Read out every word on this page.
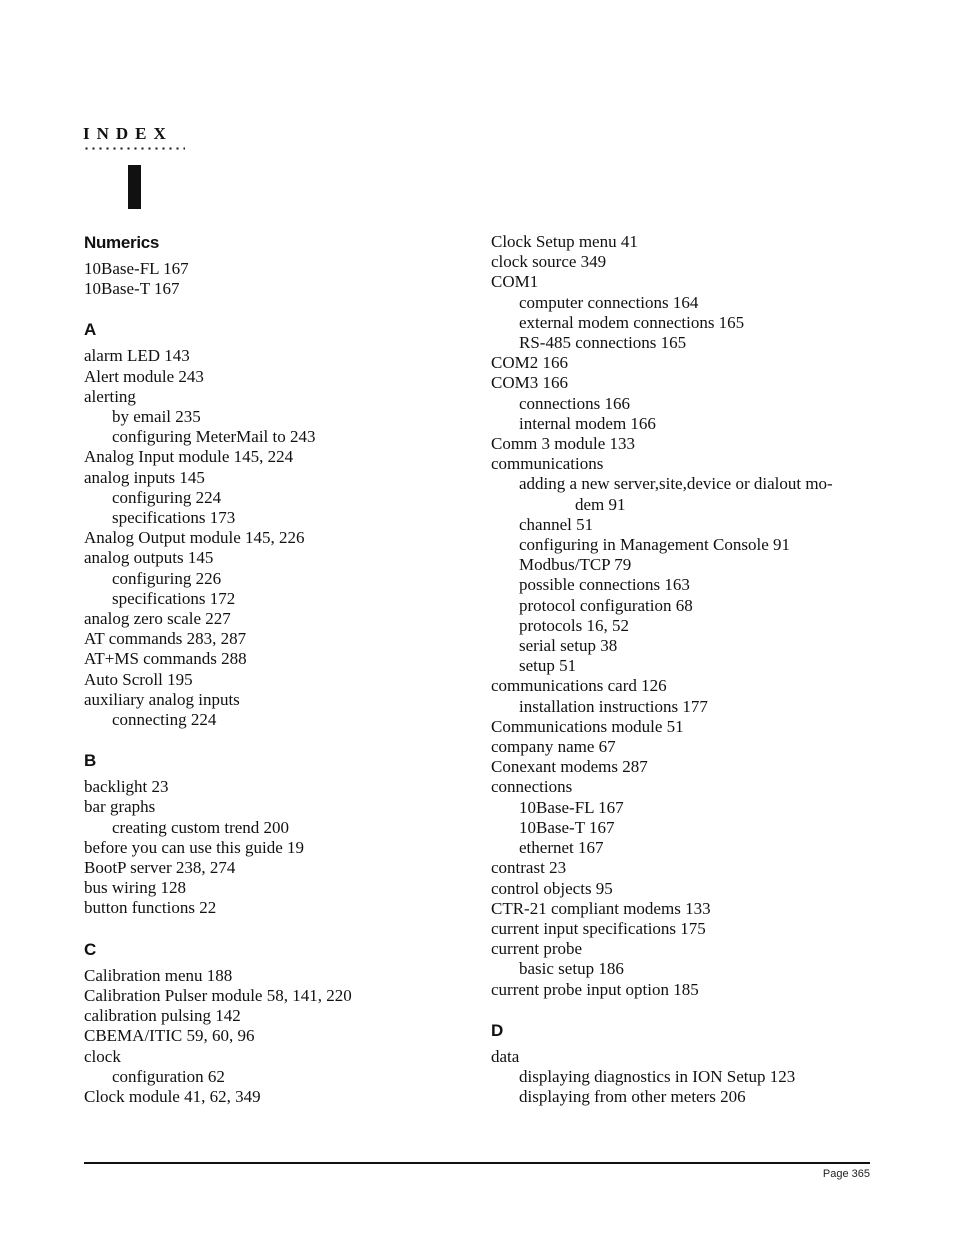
INDEX
Numerics
10Base-FL 167
10Base-T 167
A
alarm LED 143
Alert module 243
alerting
by email 235
configuring MeterMail to 243
Analog Input module 145, 224
analog inputs 145
configuring 224
specifications 173
Analog Output module 145, 226
analog outputs 145
configuring 226
specifications 172
analog zero scale 227
AT commands 283, 287
AT+MS commands 288
Auto Scroll 195
auxiliary analog inputs
connecting 224
B
backlight 23
bar graphs
creating custom trend 200
before you can use this guide 19
BootP server 238, 274
bus wiring 128
button functions 22
C
Calibration menu 188
Calibration Pulser module 58, 141, 220
calibration pulsing 142
CBEMA/ITIC 59, 60, 96
clock
configuration 62
Clock module 41, 62, 349
Clock Setup menu 41
clock source 349
COM1
computer connections 164
external modem connections 165
RS-485 connections 165
COM2 166
COM3 166
connections 166
internal modem 166
Comm 3 module 133
communications
adding a new server,site,device or dialout mo-
dem 91
channel 51
configuring in Management Console 91
Modbus/TCP 79
possible connections 163
protocol configuration 68
protocols 16, 52
serial setup 38
setup 51
communications card 126
installation instructions 177
Communications module 51
company name 67
Conexant modems 287
connections
10Base-FL 167
10Base-T 167
ethernet 167
contrast 23
control objects 95
CTR-21 compliant modems 133
current input specifications 175
current probe
basic setup 186
current probe input option 185
D
data
displaying diagnostics in ION Setup 123
displaying from other meters 206
Page 365
